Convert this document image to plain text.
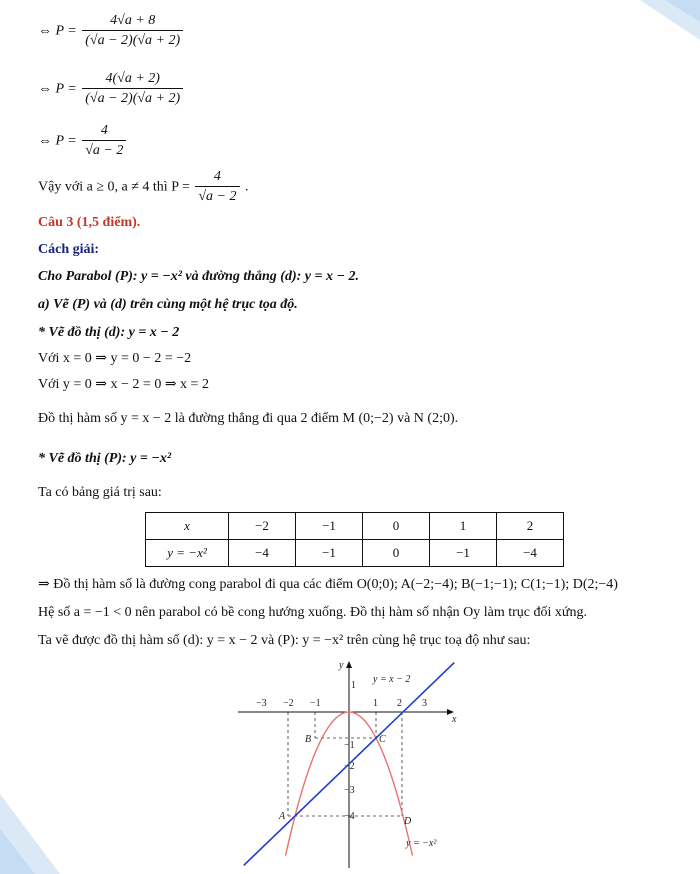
⇔ $P = \frac{4√a + 8}{(√a - 2)(√a + 2)}$
⇔ $P = \frac{4(√a + 2)}{(√a - 2)(√a + 2)}$
⇔ $P = \frac{4}{√a - 2}$
Vậy với a ≥ 0, a ≠ 4 thì $P = \frac{4}{√a - 2}$ .
Câu 3 (1,5 điểm).
Cách giải:
Cho Parabol (P): y = −x² và đường thẳng (d): y = x − 2.
a) Vẽ (P) và (d) trên cùng một hệ trục tọa độ.
* Vẽ đồ thị (d): y = x − 2
Với x = 0 ⇒ y = 0 − 2 = −2
Với y = 0 ⇒ x − 2 = 0 ⇒ x = 2
Đồ thị hàm số y = x − 2 là đường thẳng đi qua 2 điểm M (0;−2) và N (2;0).
* Vẽ đồ thị (P): y = −x²
Ta có bảng giá trị sau:
x	−2	−1	0	1	2
y = −x²	−4	−1	0	−1	−4
⇒ Đồ thị hàm số là đường cong parabol đi qua các điểm O(0;0); A(−2;−4); B(−1;−1); C(1;−1); D(2;−4)
Hệ số a = −1 < 0 nên parabol có bề cong hướng xuống. Đồ thị hàm số nhận Oy làm trục đối xứng.
Ta vẽ được đồ thị hàm số (d): y = x − 2 và (P): y = −x² trên cùng hệ trục toạ độ như sau:
x
y
−3 −2 −1	1 2 3
1
−1
−2
−3
−4
A
B	C
D
y = x − 2
y = −x²
